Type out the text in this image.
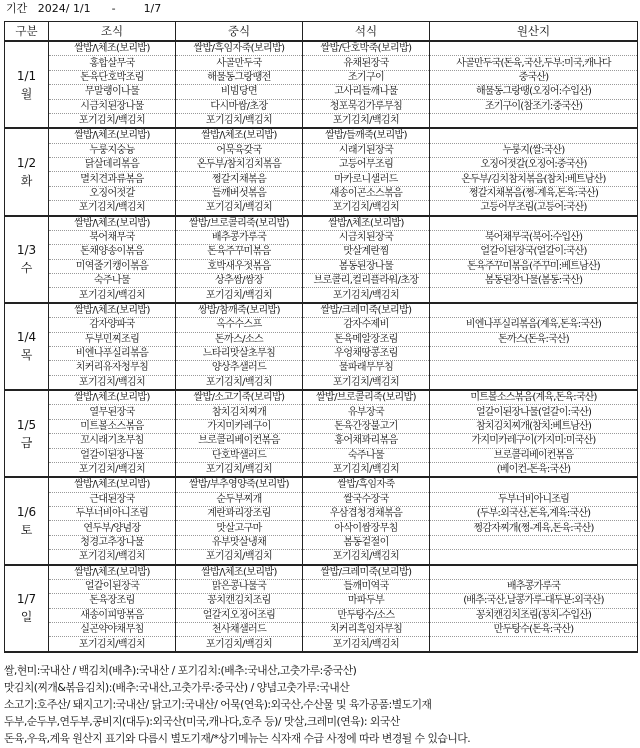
기간   2024/ 1/1      -        1/7
구분	조식	중식	석식	원산지

1/1
월	쌀밥/\체조(보리밥)	쌀밥/흑임자죽(보리밥)	쌀밥/단호박죽(보리밥)	
	홍합살무국	사골만두국	유채된장국	사골만두국(돈육,국산,두부:미국,캐나다
	돈육단호박조림	해물동그랑땡전	조기구이	중국산)
	무말랭이나물	비빔당면	고사리들깨나물	해물동그랑땡(오징어:수입산)
	시금치된장나물	다시마쌈/초장	청포묵김가루무침	조기구이(참조기:중국산)
	포기김치/백김치	포기김치/백김치	포기김치/백김치	

1/2
화	쌀밥/\체조(보리밥)	쌀밥/\체조(보리밥)	쌀밥/들깨죽(보리밥)	
	누룽지숭늉	어묵육갖국	시래기된장국	누룽지(쌀:국산)
	닭살데리볶음	온두부/참치김치볶음	고등어무조림	오징어젓갈(오징어:중국산)
	멸치견과류볶음	쩡갈지채볶음	마카로니샐러드	온두부/김치참치볶음(참치:베트남산)
	오징어젓갈	들깨버섯볶음	새송이곤소스볶음	쩡갈지채볶음(쩡-계육,돈육:국산)
	포기김치/백김치	포기김치/백김치	포기김치/백김치	고등어무조림(고등어:국산)

1/3
수	쌀밥/\체조(보리밥)	쌀밥/브로콜리죽(보리밥)	쌀밥/\체조(보리밥)	
	북어채무국	배추콩가루국	시금치된장국	북어채무국(북어:수입산)
	돈채양송이볶음	돈육주꾸미볶음	맛살계란찜	얼갈이된장국(얼갈이:국산)
	미역줄기캥이볶음	호박새우젓볶음	봄동된장나물	돈육주꾸미볶음(주꾸미:베트남산)
	숙주나물	상추쌈/쌈장	브로콜리,컬리플라워/초장	봄동된장나물(봄동:국산)
	포기김치/백김치	포기김치/백김치	포기김치/백김치	

1/4
목	쌀밥/\체조(보리밥)	쌍밥/참깨죽(보리밥)	쌀밥/크레미죽(보리밥)	
	감자양파국	옥수수스프	감자수제비	비엔나푸실리볶음(계육,돈육:국산)
	두부민찌조림	돈까스/소스	돈육메알장조림	돈까스(돈육:국산)
	비엔나푸실리볶음	느타리맛살초무침	우엉채땅콩조림	
	치커리유자청무침	양상추샐러드	물파래무무침	
	포기김치/백김치	포기김치/백김치	포기김치/백김치	

1/5
금	쌀밥/\체조(보리밥)	쌀밥/소고기죽(보리밥)	쌀밥/브로콜리죽(보리밥)	미트볼소스볶음(계육,돈육:국산)
	열무된장국	참치김치찌개	유부장국	얼갈이된장나물(얼갈이:국산)
	미트볼소스볶음	가지미카레구이	돈육간장불고기	참치김치찌개(참치:베트남산)
	꼬시래기초무침	브로콜리베이컨볶음	홍어채꽈리볶음	가지미카레구이(가지미:미국산)
	얼갈이된장나물	단호박샐러드	숙주나물	브로콜리베이컨볶음
	포기김치/백김치	포기김치/백김치	포기김치/백김치	(베이컨-돈육:국산)

1/6
토	쌀밥/\체조(보리밥)	쌀밥/부추영양죽(보리밥)	쌀밥/흑임자죽	
	근대된장국	순두부찌개	쌀국수장국	두부너비아니조림
	두부너비아니조림	계란꽈리장조림	우삼겹청경채볶음	(두부:외국산,돈육,계육:국산)
	연두부/양념장	맛살고구마	아삭이쌈장무침	쩡감자찌개(쩡-계육,돈육:국산)
	청경고추장나물	유부맛살냉채	봄동겉절이	
	포기김치/백김치	포기김치/백김치	포기김치/백김치	

1/7
일	쌀밥/\체조(보리밥)	쌀밥/\체조(보리밥)	쌀밥/크레미죽(보리밥)	
	얼갈이된장국	맑은콩나물국	들깨미역국	배추콩가루국
	돈육장조림	꽁치캔김치조림	마파두부	(배추:국산,날콩가루-대두분:외국산)
	새송이피망볶음	얼갈지오징어조림	만두탕수/소스	꽁치캔김치조림(꽁치-수입산)
	실곤약야채무침	천사채샐러드	치커리흑임자무침	만두탕수(돈육:국산)
	포기김치/백김치	포기김치/백김치	포기김치/백김치	
쌀,현미:국내산 / 백김치(배추):국내산 / 포기김치:(배추:국내산,고춧가루:중국산)
맛김치(찌개&볶음김치):(배추:국내산,고춧가루:중국산) / 양념고춧가루:국내산
소고기:호주산/ 돼지고기:국내산/ 닭고기:국내산/ 어묵(연육):외국산,수산물 및 육가공품:별도기재
두부,순두부,연두부,콩비지(대두):외국산(미국,캐나다,호주 등)/ 맛살,크레미(연육): 외국산
돈육,우육,계육 원산지 표기와 다름시 별도기재/*상기메뉴는 식자재 수급 사정에 따라 변경될 수 있습니다.
